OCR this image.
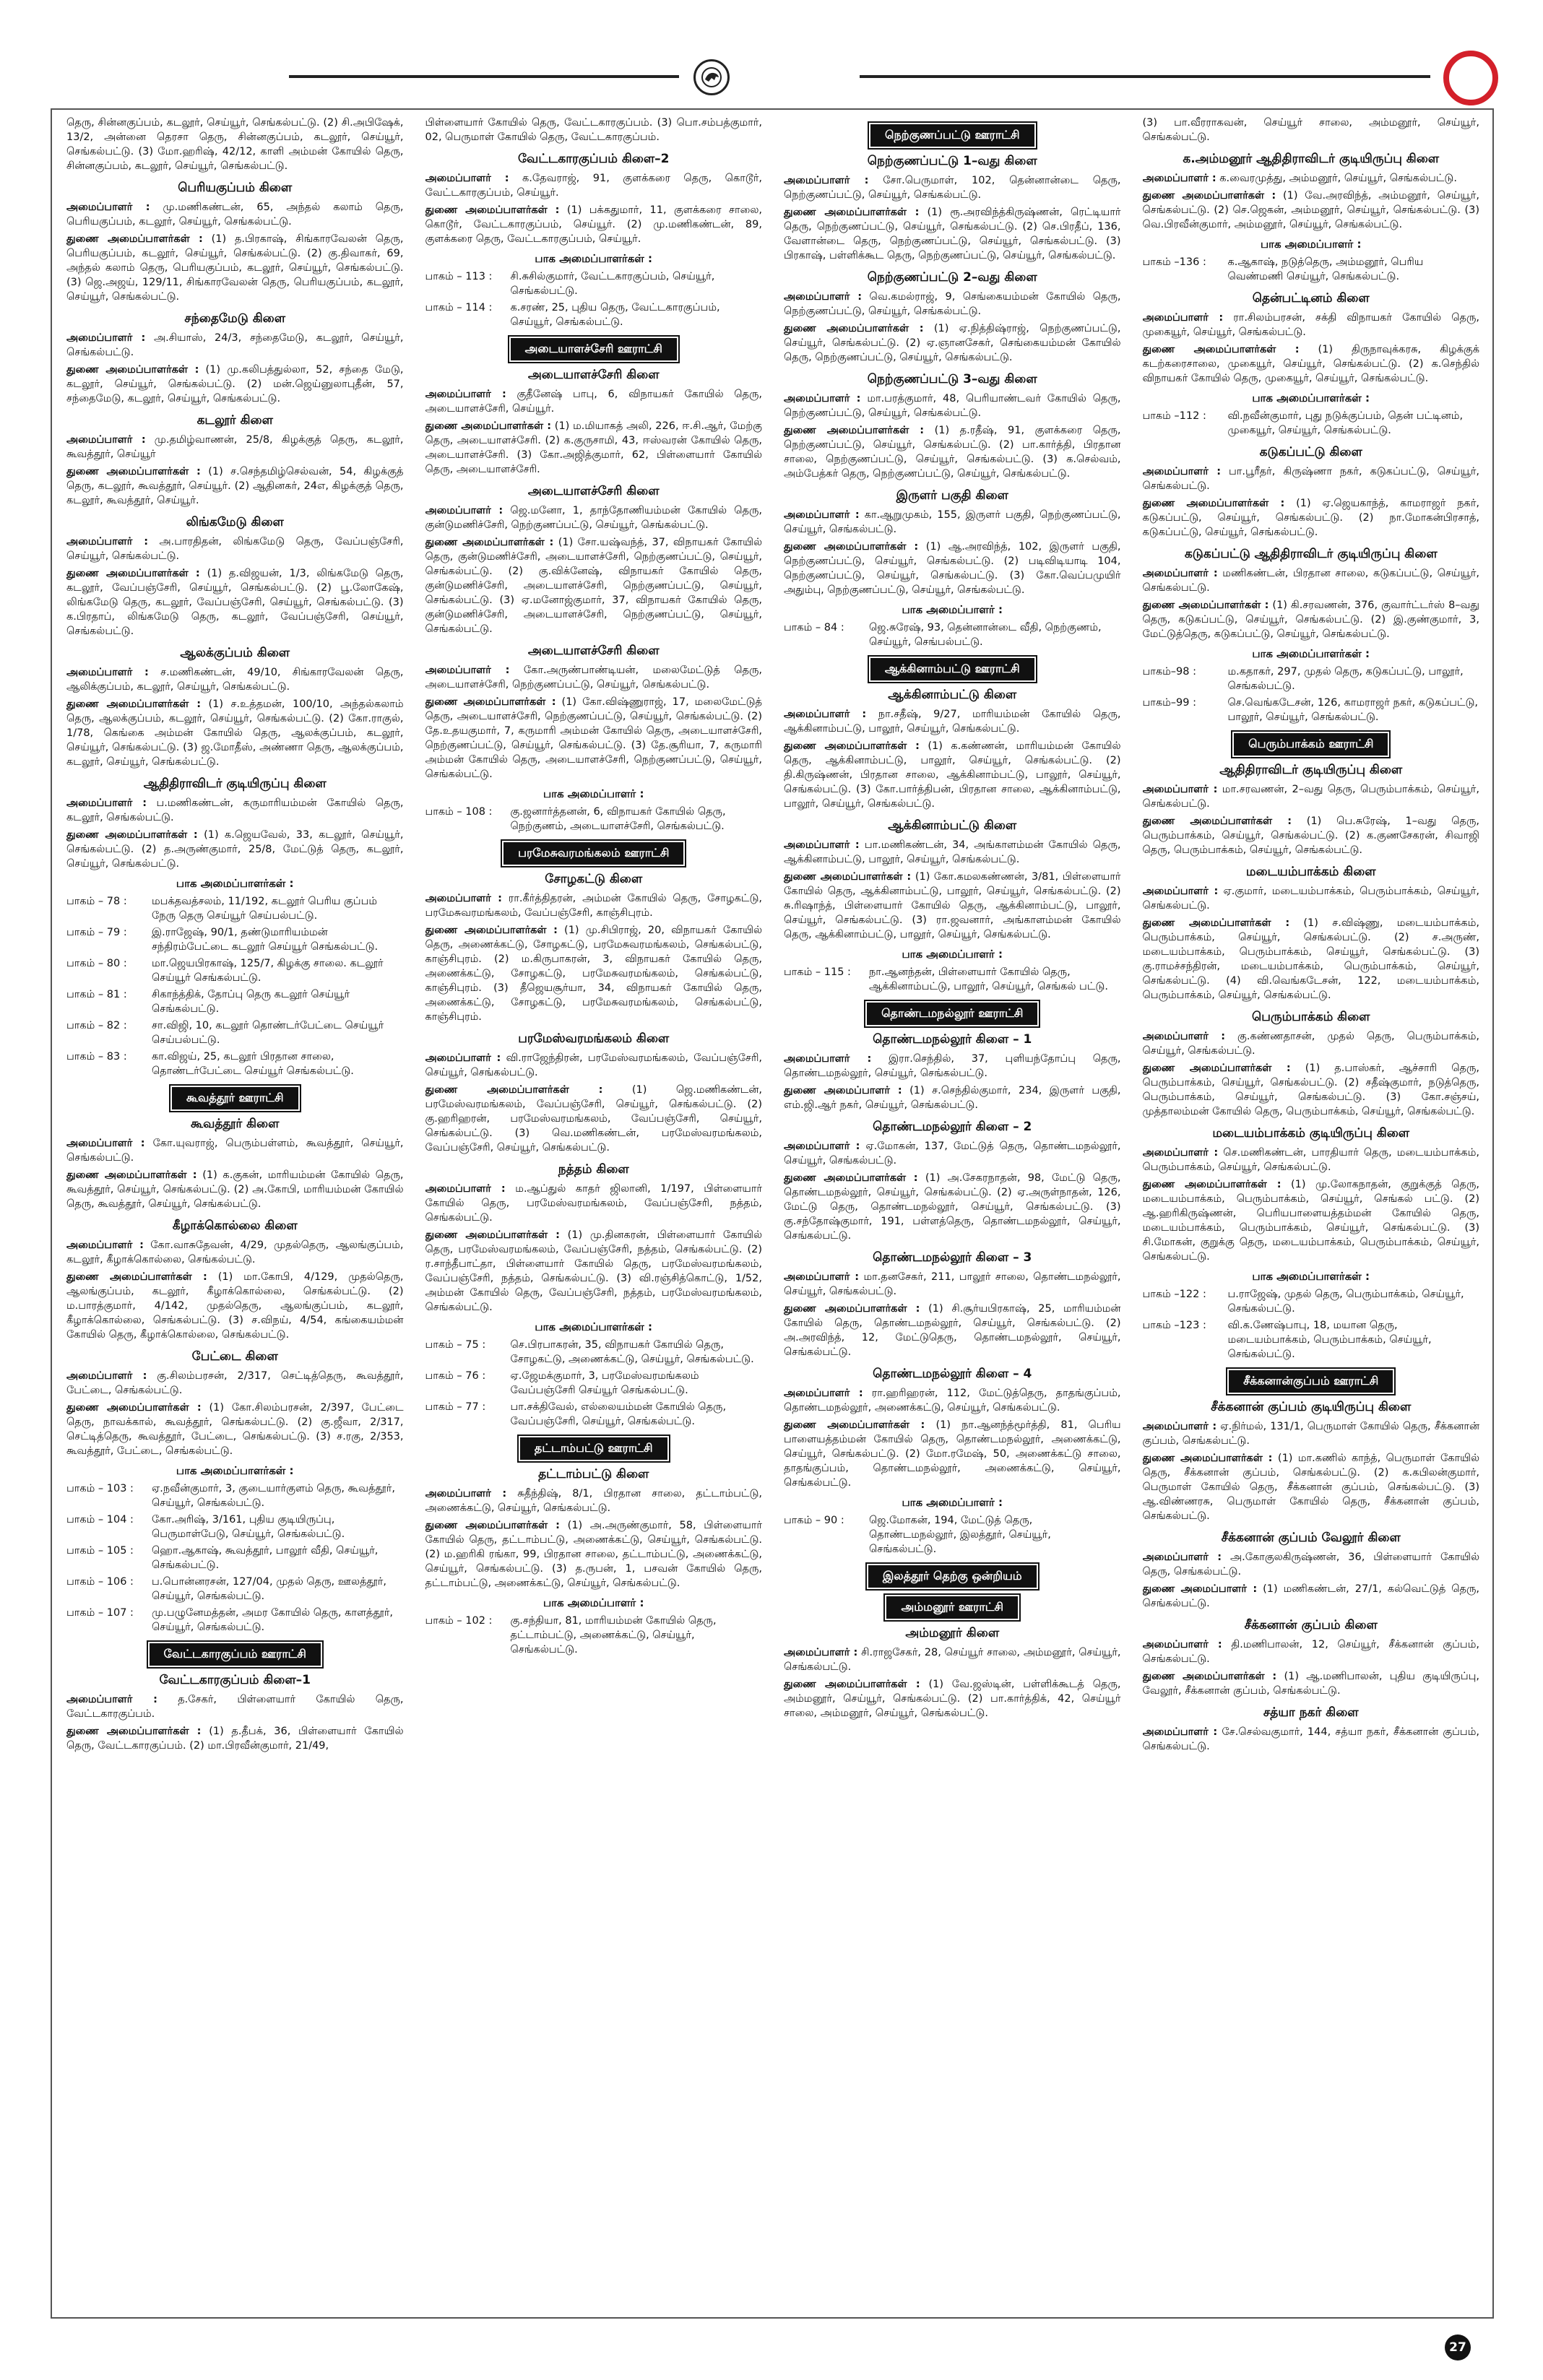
தெரு, சின்னகுப்பம், கடலூர், செய்யூர், செங்கல்பட்டு. (2) சி.அபிஷேக், 13/2, அன்னை தெரசா தெரு, சின்னகுப்பம், கடலூர், செய்யூர், செங்கல்பட்டு. (3) மோ.ஹரிஷ், 42/12, காளி அம்மன் கோயில் தெரு, சின்னகுப்பம், கடலூர், செய்யூர், செங்கல்பட்டு.

பெரியகுப்பம் கிளை

அமைப்பாளர் : மு.மணிகண்டன், 65, அந்தல் கலாம் தெரு, பெரியகுப்பம், கடலூர், செய்யூர், செங்கல்பட்டு.

துணை அமைப்பாளர்கள் : (1) த.பிரகாஷ், சிங்காரவேலன் தெரு, பெரியகுப்பம், கடலூர், செய்யூர், செங்கல்பட்டு. (2) கு.திவாகர், 69, அந்தல் கலாம் தெரு, பெரியகுப்பம், கடலூர், செய்யூர், செங்கல்பட்டு. (3) ஜெ.அஜய், 129/11, சிங்காரவேலன் தெரு, பெரியகுப்பம், கடலூர், செய்யூர், செங்கல்பட்டு.

சந்தைமேடு கிளை

அமைப்பாளர் : அ.சியாஸ், 24/3, சந்தைமேடு, கடலூர், செய்யூர், செங்கல்பட்டு.

துணை அமைப்பாளர்கள் : (1) மு.கலிபத்துல்லா, 52, சந்தை மேடு, கடலூர், செய்யூர், செங்கல்பட்டு. (2) மன்.ஜெய்னுலாபுதீன், 57, சந்தைமேடு, கடலூர், செய்யூர், செங்கல்பட்டு.

கடலூர் கிளை

அமைப்பாளர் : மு.தமிழ்வாணன், 25/8, கிழக்குத் தெரு, கடலூர், கூவத்தூர், செய்யூர்

துணை அமைப்பாளர்கள் : (1) ச.செந்தமிழ்செல்வன், 54, கிழக்குத் தெரு, கடலூர், கூவத்தூர், செய்யூர். (2) ஆதினகர், 24எ, கிழக்குத் தெரு, கடலூர், கூவத்தூர், செய்யூர்.

லிங்கமேடு கிளை

அமைப்பாளர் : அ.பாரதிதன், லிங்கமேடு தெரு, வேப்பஞ்சேரி, செய்யூர், செங்கல்பட்டு.

துணை அமைப்பாளர்கள் : (1) த.விஜயன், 1/3, லிங்கமேடு தெரு, கடலூர், வேப்பஞ்சேரி, செய்யூர், செங்கல்பட்டு. (2) பூ.லோகேஷ், லிங்கமேடு தெரு, கடலூர், வேப்பஞ்சேரி, செய்யூர், செங்கல்பட்டு. (3) க.பிரதாப், லிங்கமேடு தெரு, கடலூர், வேப்பஞ்சேரி, செய்யூர், செங்கல்பட்டு.

ஆலக்குப்பம் கிளை

அமைப்பாளர் : ச.மணிகண்டன், 49/10, சிங்காரவேலன் தெரு, ஆலிக்குப்பம், கடலூர், செய்யூர், செங்கல்பட்டு.

துணை அமைப்பாளர்கள் : (1) ச.உத்தமன், 100/10, அந்தல்கலாம் தெரு, ஆலக்குப்பம், கடலூர், செய்யூர், செங்கல்பட்டு. (2) கோ.ராகுல், 1/78, கெங்கை அம்மன் கோயில் தெரு, ஆலக்குப்பம், கடலூர், செய்யூர், செங்கல்பட்டு. (3) ஜ.மோதீஸ், அண்ணா தெரு, ஆலக்குப்பம், கடலூர், செய்யூர், செங்கல்பட்டு.

ஆதிதிராவிடர் குடியிருப்பு கிளை

அமைப்பாளர் : ப.மணிகண்டன், கருமாரியம்மன் கோயில் தெரு, கடலூர், செங்கல்பட்டு.

துணை அமைப்பாளர்கள் : (1) க.ஜெயவேல், 33, கடலூர், செய்யூர், செங்கல்பட்டு. (2) த.அருண்குமார், 25/8, மேட்டுத் தெரு, கடலூர், செய்யூர், செங்கல்பட்டு.

பாக அமைப்பாளர்கள் :
பாகம் – 78 :	மபக்தவத்சலம், 11/192, கடலூர் பெரிய குப்பம் நேரு தெரு செய்யூர் செய்பல்பட்டு.
பாகம் – 79 :	இ.ராஜேஷ், 90/1, தண்டுமாரியம்மன் சந்திரம்பேட்டை கடலூர் செய்யூர் செங்கல்பட்டு.
பாகம் – 80 :	மா.ஜெயபிரகாஷ், 125/7, கிழக்கு சாலை. கடலூர் செய்யூர் செங்கல்பட்டு.
பாகம் – 81 :	சிகாந்த்திக், தோப்பு தெரு கடலூர் செய்யூர் செங்கல்பட்டு.
பாகம் – 82 :	சா.விஜி, 10, கடலூர் தொண்டர்பேட்டை செய்யூர் செய்பல்பட்டு.
பாகம் – 83 :	கா.விஜய், 25, கடலூர் பிரதான சாலை, தொண்டர்பேட்டை செய்யூர் செங்கல்பட்டு.
கூவத்தூர் ஊராட்சி
கூவத்தூர் கிளை

அமைப்பாளர் : கோ.யுவராஜ், பெரும்பள்ளம், கூவத்தூர், செய்யூர், செங்கல்பட்டு.

துணை அமைப்பாளர்கள் : (1) க.குகன், மாரியம்மன் கோயில் தெரு, கூவத்தூர், செய்யூர், செங்கல்பட்டு. (2) அ.கோபி, மாரியம்மன் கோயில் தெரு, கூவத்தூர், செய்யூர், செங்கல்பட்டு.

கீழாக்கொல்லை கிளை

அமைப்பாளர் : கோ.வாசுதேவன், 4/29, முதல்தெரு, ஆலங்குப்பம், கடலூர், கீழாக்கொல்லை, செங்கல்பட்டு.

துணை அமைப்பாளர்கள் : (1) மா.கோபி, 4/129, முதல்தெரு, ஆலங்குப்பம், கடலூர், கீழாக்கொல்லை, செங்கல்பட்டு. (2) ம.பாரத்குமார், 4/142, முதல்தெரு, ஆலங்குப்பம், கடலூர், கீழாக்கொல்லை, செங்கல்பட்டு. (3) ச.விநய், 4/54, கங்கையம்மன் கோயில் தெரு, கீழாக்கொல்லை, செங்கல்பட்டு.

பேட்டை கிளை

அமைப்பாளர் : கு.சிலம்பரசன், 2/317, செட்டித்தெரு, கூவத்தூர், பேட்டை, செங்கல்பட்டு.

துணை அமைப்பாளர்கள் : (1) கோ.சிலம்பரசன், 2/397, பேட்டை தெரு, நாவக்கால், கூவத்தூர், செங்கல்பட்டு. (2) கு.ஜீவா, 2/317, செட்டித்தெரு, கூவத்தூர், பேட்டை, செங்கல்பட்டு. (3) ச.ரகு, 2/353, கூவத்தூர், பேட்டை, செங்கல்பட்டு.

பாக அமைப்பாளர்கள் :
பாகம் – 103 :	ஏ.நவீன்குமார், 3, குடையார்குளம் தெரு, கூவத்தூர், செய்யூர், செங்கல்பட்டு.
பாகம் – 104 :	கோ.அரிஷ், 3/161, புதிய குடியிருப்பு, பெருமாள்பேடு, செய்யூர், செங்கல்பட்டு.
பாகம் – 105 :	ஹொ.ஆகாஷ், கூவத்தூர், பாலூர் வீதி, செய்யூர், செங்கல்பட்டு.
பாகம் – 106 :	ப.பொன்னரசன், 127/04, முதல் தெரு, ஊலத்தூர், செய்யூர், செங்கல்பட்டு.
பாகம் – 107 :	மு.பழுனேமத்தன், அமர கோயில் தெரு, காளத்தூர், செய்யூர், செங்கல்பட்டு.
வேட்டகாரகுப்பம் ஊராட்சி
வேட்டகாரகுப்பம் கிளை–1

அமைப்பாளர் : த.சேகர், பிள்ளையார் கோயில் தெரு, வேட்டகாரகுப்பம்.

துணை அமைப்பாளர்கள் : (1) த.தீபக், 36, பிள்ளையார் கோயில் தெரு, வேட்டகாரகுப்பம். (2) மா.பிரவீன்குமார், 21/49,

பிள்ளையார் கோயில் தெரு, வேட்டகாரகுப்பம். (3) பொ.சம்பத்குமார், 02, பெருமாள் கோயில் தெரு, வேட்டகாரகுப்பம்.

வேட்டகாரகுப்பம் கிளை–2

அமைப்பாளர் : க.தேவராஜ், 91, குளக்கரை தெரு, கொடூர், வேட்டகாரகுப்பம், செய்யூர்.

துணை அமைப்பாளர்கள் : (1) பக்கதுமார், 11, குளக்கரை சாலை, கொடூர், வேட்டகாரகுப்பம், செய்யூர். (2) மு.மணிகண்டன், 89, குளக்கரை தெரு, வேட்டகாரகுப்பம், செய்யூர்.

பாக அமைப்பாளர்கள் :
பாகம் – 113 :	சி.சுசில்குமார், வேட்டகாரகுப்பம், செய்யூர், செங்கல்பட்டு.
பாகம் – 114 :	க.சரண், 25, புதிய தெரு, வேட்டகாரகுப்பம், செய்யூர், செங்கல்பட்டு.
அடையாளச்சேரி ஊராட்சி
அடையாளச்சேரி கிளை

அமைப்பாளர் : குதீனேஷ் பாபு, 6, விநாயகர் கோயில் தெரு, அடையாளச்சேரி, செய்யூர்.

துணை அமைப்பாளர்கள் : (1) ம.மியாகத் அலி, 226, ஈ.சி.ஆர், மேற்கு தெரு, அடையாளச்சேரி. (2) க.குருசாமி, 43, ஈஸ்வரன் கோயில் தெரு, அடையாளச்சேரி. (3) கோ.அஜித்குமார், 62, பிள்ளையார் கோயில் தெரு, அடையாளச்சேரி.

அடையாளச்சேரி கிளை

அமைப்பாளர் : ஜெ.மனோ, 1, தாந்தோணியம்மன் கோயில் தெரு, குன்டுமணிச்சேரி, நெற்குணப்பட்டு, செய்யூர், செங்கல்பட்டு.

துணை அமைப்பாளர்கள் : (1) சோ.யஷ்வந்த், 37, விநாயகர் கோயில் தெரு, குன்டுமணிச்சேரி, அடையாளச்சேரி, நெற்குணப்பட்டு, செய்யூர், செங்கல்பட்டு. (2) கு.விக்னேஷ், விநாயகர் கோயில் தெரு, குன்டுமணிச்சேரி, அடையாளச்சேரி, நெற்குணப்பட்டு, செய்யூர், செங்கல்பட்டு. (3) ஏ.மனோஜ்குமார், 37, விநாயகர் கோயில் தெரு, குன்டுமணிச்சேரி, அடையாளச்சேரி, நெற்குணப்பட்டு, செய்யூர், செங்கல்பட்டு.

அடையாளச்சேரி கிளை

அமைப்பாளர் : கோ.அருண்பாண்டியன், மலைமேட்டுத் தெரு, அடையாளச்சேரி, நெற்குணப்பட்டு, செய்யூர், செங்கல்பட்டு.

துணை அமைப்பாளர்கள் : (1) கோ.விஷ்ணுராஜ், 17, மலைமேட்டுத் தெரு, அடையாளச்சேரி, நெற்குணப்பட்டு, செய்யூர், செங்கல்பட்டு. (2) தே.உதயகுமார், 7, கருமாரி அம்மன் கோயில் தெரு, அடையாளச்சேரி, நெற்குணப்பட்டு, செய்யூர், செங்கல்பட்டு. (3) தே.சூரியா, 7, கருமாரி அம்மன் கோயில் தெரு, அடையாளச்சேரி, நெற்குணப்பட்டு, செய்யூர், செங்கல்பட்டு.

பாக அமைப்பாளர் :
பாகம் – 108 :	கு.ஜனார்த்தனன், 6, விநாயகர் கோயில் தெரு, நெற்குணம், அடையாளச்சேரி, செங்கல்பட்டு.
பரமேசுவரமங்கலம் ஊராட்சி
சோழகட்டு கிளை

அமைப்பாளர் : ரா.கீர்த்திதரன், அம்மன் கோயில் தெரு, சோழகட்டு, பரமேசுவரமங்கலம், வேப்பஞ்சேரி, காஞ்சிபுரம்.

துணை அமைப்பாளர்கள் : (1) மு.சிபிராஜ், 20, விநாயகர் கோயில் தெரு, அணைக்கட்டு, சோழகட்டு, பரமேசுவரமங்கலம், செங்கல்பட்டு, காஞ்சிபுரம். (2) ம.கிருபாகரன், 3, விநாயகர் கோயில் தெரு, அணைக்கட்டு, சோழகட்டு, பரமேசுவரமங்கலம், செங்கல்பட்டு, காஞ்சிபுரம். (3) தீஜெயசூர்யா, 34, விநாயகர் கோயில் தெரு, அணைக்கட்டு, சோழகட்டு, பரமேசுவரமங்கலம், செங்கல்பட்டு, காஞ்சிபுரம்.

பரமேஸ்வரமங்கலம் கிளை

அமைப்பாளர் : வி.ராஜேந்திரன், பரமேஸ்வரமங்கலம், வேப்பஞ்சேரி, செய்யூர், செங்கல்பட்டு.

துணை அமைப்பாளர்கள் :	(1) ஜெ.மணிகண்டன், பரமேஸ்வரமங்கலம், வேப்பஞ்சேரி, செய்யூர், செங்கல்பட்டு. (2) கு.ஹரிஹரன், பரமேஸ்வரமங்கலம், வேப்பஞ்சேரி, செய்யூர், செங்கல்பட்டு. (3) வெ.மணிகண்டன், பரமேஸ்வரமங்கலம், வேப்பஞ்சேரி, செய்யூர், செங்கல்பட்டு.

நத்தம் கிளை

அமைப்பாளர் : ம.ஆப்துல் காதர் ஜிலானி, 1/197, பிள்ளையார் கோயில் தெரு, பரமேஸ்வரமங்கலம், வேப்பஞ்சேரி, நத்தம், செங்கல்பட்டு.

துணை அமைப்பாளர்கள் : (1) மு.தினகரன், பிள்ளையார் கோயில் தெரு, பரமேஸ்வரமங்கலம், வேப்பஞ்சேரி, நத்தம், செங்கல்பட்டு. (2) ர.சாந்தீபாட்தா, பிள்ளையார் கோயில் தெரு, பரமேஸ்வரமங்கலம், வேப்பஞ்சேரி, நத்தம், செங்கல்பட்டு. (3) வி.ரஞ்சித்கொட்டு, 1/52, அம்மன் கோயில் தெரு, வேப்பஞ்சேரி, நத்தம், பரமேஸ்வரமங்கலம், செங்கல்பட்டு.

பாக அமைப்பாளர்கள் :
பாகம் – 75 :	செ.பிரபாகரன், 35, விநாயகர் கோயில் தெரு, சோழகட்டு, அணைக்கட்டு, செய்யூர், செங்கல்பட்டு.
பாகம் – 76 :	ஏ.ஜேமக்குமார், 3, பரமேஸ்வரமங்கலம் வேப்பஞ்சேரி செய்யூர் செங்கல்பட்டு.
பாகம் – 77 :	பா.சக்திவேல், எல்லையம்மன் கோயில் தெரு, வேப்பஞ்சேரி, செய்யூர், செங்கல்பட்டு.
தட்டாம்பட்டு ஊராட்சி
தட்டாம்பட்டு கிளை

அமைப்பாளர் : சுதீந்திஷ், 8/1, பிரதான சாலை, தட்டாம்பட்டு, அணைக்கட்டு, செய்யூர், செங்கல்பட்டு.

துணை அமைப்பாளர்கள் : (1) அ.அருண்குமார், 58, பிள்ளையார் கோயில் தெரு, தட்டாம்பட்டு, அணைக்கட்டு, செய்யூர், செங்கல்பட்டு. (2) ம.ஹரிகி ரங்கா, 99, பிரதான சாலை, தட்டாம்பட்டு, அணைக்கட்டு, செய்யூர், செங்கல்பட்டு. (3) த.ருபன், 1, பசவன் கோயில் தெரு, தட்டாம்பட்டு, அணைக்கட்டு, செய்யூர், செங்கல்பட்டு.

பாக அமைப்பாளர் :
பாகம் – 102 :	கு.சந்தியா, 81, மாரியம்மன் கோயில் தெரு, தட்டாம்பட்டு, அணைக்கட்டு, செய்யூர், செங்கல்பட்டு.
நெற்குணப்பட்டு ஊராட்சி
நெற்குணப்பட்டு 1–வது கிளை

அமைப்பாளர் : சோ.பெருமாள், 102, தென்னான்டை தெரு, நெற்குணப்பட்டு, செய்யூர், செங்கல்பட்டு.

துணை அமைப்பாளர்கள் : (1) ரூ.அரவிந்த்கிருஷ்ணன், ரெட்டியார் தெரு, நெற்குணப்பட்டு, செய்யூர், செங்கல்பட்டு. (2) செ.பிரதீப், 136, வேளான்டை தெரு, நெற்குணப்பட்டு, செய்யூர், செங்கல்பட்டு. (3) பிரகாஷ், பள்ளிக்கூட தெரு, நெற்குணப்பட்டு, செய்யூர், செங்கல்பட்டு.

நெற்குணப்பட்டு 2–வது கிளை

அமைப்பாளர் : வெ.கமல்ராஜ், 9, செங்கையம்மன் கோயில் தெரு, நெற்குணப்பட்டு, செய்யூர், செங்கல்பட்டு.

துணை அமைப்பாளர்கள் : (1) ஏ.நித்திஷ்ராஜ், நெற்குணப்பட்டு, செய்யூர், செங்கல்பட்டு. (2) ஏ.ஞானசேகர், செங்கையம்மன் கோயில் தெரு, நெற்குணப்பட்டு, செய்யூர், செங்கல்பட்டு.

நெற்குணப்பட்டு 3–வது கிளை

அமைப்பாளர் : மா.பரத்குமார், 48, பெரியாண்டவர் கோயில் தெரு, நெற்குணப்பட்டு, செய்யூர், செங்கல்பட்டு.

துணை அமைப்பாளர்கள் : (1) த.ரதீஷ், 91, குளக்கரை தெரு, நெற்குணப்பட்டு, செய்யூர், செங்கல்பட்டு. (2) பா.கார்த்தி, பிரதான சாலை, நெற்குணப்பட்டு, செய்யூர், செங்கல்பட்டு. (3) க.செல்வம், அம்பேத்கர் தெரு, நெற்குணப்பட்டு, செய்யூர், செங்கல்பட்டு.

இருளர் பகுதி கிளை

அமைப்பாளர் : கா.ஆறுமுகம், 155, இருளர் பகுதி, நெற்குணப்பட்டு, செய்யூர், செங்கல்பட்டு.

துணை அமைப்பாளர்கள் : (1) ஆ.அரவிந்த், 102, இருளர் பகுதி, நெற்குணப்பட்டு, செய்யூர், செங்கல்பட்டு. (2) படிவிடியாடி 104, நெற்குணப்பட்டு, செய்யூர், செங்கல்பட்டு. (3) கோ.வெப்பமுயிர் அதும்பு, நெற்குணப்பட்டு, செய்யூர், செங்கல்பட்டு.

பாக அமைப்பாளர் :
பாகம் – 84 :	ஜெ.சுரேஷ், 93, தென்னான்டை வீதி, நெற்குணம், செய்யூர், செங்பல்பட்டு.
ஆக்கினாம்பட்டு ஊராட்சி
ஆக்கினாம்பட்டு கிளை

அமைப்பாளர் : நா.சதீஷ், 9/27, மாரியம்மன் கோயில் தெரு, ஆக்கினாம்பட்டு, பாலூர், செய்யூர், செங்கல்பட்டு.

துணை அமைப்பாளர்கள் : (1) க.கண்ணன், மாரியம்மன் கோயில் தெரு, ஆக்கினாம்பட்டு, பாலூர், செய்யூர், செங்கல்பட்டு. (2) தி.கிருஷ்ணன், பிரதான சாலை, ஆக்கினாம்பட்டு, பாலூர், செய்யூர், செங்கல்பட்டு. (3) கோ.பார்த்திபன், பிரதான சாலை, ஆக்கினாம்பட்டு, பாலூர், செய்யூர், செங்கல்பட்டு.

ஆக்கினாம்பட்டு கிளை

அமைப்பாளர் : பா.மணிகண்டன், 34, அங்காளம்மன் கோயில் தெரு, ஆக்கினாம்பட்டு, பாலூர், செய்யூர், செங்கல்பட்டு.

துணை அமைப்பாளர்கள் : (1) கோ.கமலகண்ணன், 3/81, பிள்ளையார் கோயில் தெரு, ஆக்கினாம்பட்டு, பாலூர், செய்யூர், செங்கல்பட்டு. (2) சு.ரிஷாந்த், பிள்ளையார் கோயில் தெரு, ஆக்கினாம்பட்டு, பாலூர், செய்யூர், செங்கல்பட்டு. (3) ரா.ஜவனார், அங்காளம்மன் கோயில் தெரு, ஆக்கினாம்பட்டு, பாலூர், செய்யூர், செங்கல்பட்டு.

பாக அமைப்பாளர் :
பாகம் – 115 :	நா.ஆனந்தன், பிள்ளையார் கோயில் தெரு, ஆக்கினாம்பட்டு, பாலூர், செய்யூர், செங்கல் பட்டு.
தொண்டமநல்லூர் ஊராட்சி
தொண்டமநல்லூர் கிளை – 1

அமைப்பாளர் : இரா.செந்தில், 37, புளியந்தோப்பு தெரு, தொண்டமநல்லூர், செய்யூர், செங்கல்பட்டு.

துணை அமைப்பாளர் : (1) ச.செந்தில்குமார், 234, இருளர் பகுதி, எம்.ஜி.ஆர் நகர், செய்யூர், செங்கல்பட்டு.

தொண்டமநல்லூர் கிளை – 2

அமைப்பாளர் : ஏ.மோகன், 137, மேட்டுத் தெரு, தொண்டமநல்லூர், செய்யூர், செங்கல்பட்டு.

துணை அமைப்பாளர்கள் : (1) அ.சேகரநாதன், 98, மேட்டு தெரு, தொண்டமநல்லூர், செய்யூர், செங்கல்பட்டு. (2) ஏ.அருள்நாதன், 126, மேட்டு தெரு, தொண்டமநல்லூர், செய்யூர், செங்கல்பட்டு. (3) கு.சந்தோஷ்குமார், 191, பள்ளத்தெரு, தொண்டமநல்லூர், செய்யூர், செங்கல்பட்டு.

தொண்டமநல்லூர் கிளை – 3

அமைப்பாளர் : மா.தனசேகர், 211, பாலூர் சாலை, தொண்டமநல்லூர், செய்யூர், செங்கல்பட்டு.

துணை அமைப்பாளர்கள் : (1) சி.சூர்யபிரகாஷ், 25, மாரியம்மன் கோயில் தெரு, தொண்டமநல்லூர், செய்யூர், செங்கல்பட்டு. (2) அ.அரவிந்த், 12, மேட்டுதெரு, தொண்டமநல்லூர், செய்யூர், செங்கல்பட்டு.

தொண்டமநல்லூர் கிளை – 4

அமைப்பாளர் : ரா.ஹரிஹரன், 112, மேட்டுத்தெரு, தாதங்குப்பம், தொண்டமநல்லூர், அணைக்கட்டு, செய்யூர், செங்கல்பட்டு.

துணை அமைப்பாளர்கள் : (1) நா.ஆனந்த்மூர்த்தி, 81, பெரிய பாளையத்தம்மன் கோயில் தெரு, தொண்டமநல்லூர், அணைக்கட்டு, செய்யூர், செங்கல்பட்டு. (2) மோ.ரமேஷ், 50, அணைக்கட்டு சாலை, தாதங்குப்பம், தொண்டமநல்லூர், அணைக்கட்டு, செய்யூர், செங்கல்பட்டு.

பாக அமைப்பாளர் :
பாகம் – 90 :	ஜெ.மோகன், 194, மேட்டுத் தெரு, தொண்டமநல்லூர், இலத்தூர், செய்யூர், செங்கல்பட்டு.
இலத்தூர் தெற்கு ஒன்றியம்
அம்மனூர் ஊராட்சி
அம்மனூர் கிளை

அமைப்பாளர் : சி.ராஜசேகர், 28, செய்யூர் சாலை, அம்மனூர், செய்யூர், செங்கல்பட்டு.

துணை அமைப்பாளர்கள் : (1) வே.ஜஸ்டின், பள்ளிக்கூடத் தெரு, அம்மனூர், செய்யூர், செங்கல்பட்டு. (2) பா.கார்த்திக், 42, செய்யூர் சாலை, அம்மனூர், செய்யூர், செங்கல்பட்டு.

(3) பா.வீரராகவன், செய்யூர் சாலை, அம்மனூர், செய்யூர், செங்கல்பட்டு.

க.அம்மனூர் ஆதிதிராவிடர் குடியிருப்பு கிளை

அமைப்பாளர் : க.வைரமுத்து, அம்மனூர், செய்யூர், செங்கல்பட்டு.

துணை அமைப்பாளர்கள் : (1) வே.அரவிந்த், அம்மனூர், செய்யூர், செங்கல்பட்டு. (2) செ.ஜெகன், அம்மனூர், செய்யூர், செங்கல்பட்டு. (3) வெ.பிரவீன்குமார், அம்மனூர், செய்யூர், செங்கல்பட்டு.

பாக அமைப்பாளர் :
பாகம் –136 :	க.ஆகாஷ், நடுத்தெரு, அம்மனூர், பெரிய வெண்மணி செய்யூர், செங்கல்பட்டு.
தென்பட்டினம் கிளை

அமைப்பாளர் : ரா.சிலம்பரசன், சக்தி விநாயகர் கோயில் தெரு, முகையூர், செய்யூர், செங்கல்பட்டு.

துணை அமைப்பாளர்கள் : (1) திருநாவுக்கரசு, கிழக்குக் கடற்கரைசாலை, முகையூர், செய்யூர், செங்கல்பட்டு. (2) க.செந்தில் விநாயகர் கோயில் தெரு, முகையூர், செய்யூர், செங்கல்பட்டு.

பாக அமைப்பாளர்கள் :
பாகம் –112 :	வி.நவீன்குமார், புது நடுக்குப்பம், தென் பட்டினம், முகையூர், செய்யூர், செங்கல்பட்டு.
கடுகப்பட்டு கிளை

அமைப்பாளர் : பா.பூரீதர், கிருஷ்ணா நகர், கடுகப்பட்டு, செய்யூர், செங்கல்பட்டு.

துணை அமைப்பாளர்கள் : (1) ஏ.ஜெயகாந்த், காமராஜர் நகர், கடுகப்பட்டு, செய்யூர், செங்கல்பட்டு. (2) நா.மோகன்பிரசாத், கடுகப்பட்டு, செய்யூர், செங்கல்பட்டு.

கடுகப்பட்டு ஆதிதிராவிடர் குடியிருப்பு கிளை

அமைப்பாளர் : மணிகண்டன், பிரதான சாலை, கடுகப்பட்டு, செய்யூர், செங்கல்பட்டு.

துணை அமைப்பாளர்கள் : (1) கி.சரவணன், 376, குவார்ட்டர்ஸ் 8–வது தெரு, கடுகப்பட்டு, செய்யூர், செங்கல்பட்டு. (2) இ.குண்குமார், 3, மேட்டுத்தெரு, கடுகப்பட்டு, செய்யூர், செங்கல்பட்டு.

பாக அமைப்பாளர்கள் :
பாகம்–98 :	ம.கதாகர், 297, முதல் தெரு, கடுகப்பட்டு, பாலூர், செங்கல்பட்டு.
பாகம்–99 :	செ.வெங்கடேசன், 126, காமராஜர் நகர், கடுகப்பட்டு, பாலூர், செய்யூர், செங்கல்பட்டு.
பெரும்பாக்கம் ஊராட்சி
ஆதிதிராவிடர் குடியிருப்பு கிளை

அமைப்பாளர் : மா.சரவணன், 2–வது தெரு, பெரும்பாக்கம், செய்யூர், செங்கல்பட்டு.

துணை அமைப்பாளர்கள் : (1) பெ.சுரேஷ், 1–வது தெரு, பெரும்பாக்கம், செய்யூர், செங்கல்பட்டு. (2) க.குணசேகரன், சிவாஜி தெரு, பெரும்பாக்கம், செய்யூர், செங்கல்பட்டு.

மடையம்பாக்கம் கிளை

அமைப்பாளர் : ஏ.குமார், மடையம்பாக்கம், பெரும்பாக்கம், செய்யூர், செங்கல்பட்டு.

துணை அமைப்பாளர்கள் : (1) ச.விஷ்ணு, மடையம்பாக்கம், பெரும்பாக்கம், செய்யூர், செங்கல்பட்டு. (2) ச.அருண், மடையம்பாக்கம், பெரும்பாக்கம், செய்யூர், செங்கல்பட்டு. (3) கு.ராமச்சந்திரன், மடையம்பாக்கம், பெரும்பாக்கம், செய்யூர், செங்கல்பட்டு. (4) வி.வெங்கடேசன், 122, மடையம்பாக்கம், பெரும்பாக்கம், செய்யூர், செங்கல்பட்டு.

பெரும்பாக்கம் கிளை

அமைப்பாளர் : கு.கண்ணதாசன், முதல் தெரு, பெரும்பாக்கம், செய்யூர், செங்கல்பட்டு.

துணை அமைப்பாளர்கள் : (1) த.பாஸ்கர், ஆச்சாரி தெரு, பெரும்பாக்கம், செய்யூர், செங்கல்பட்டு. (2) சதீஷ்குமார், நடுத்தெரு, பெரும்பாக்கம், செய்யூர், செங்கல்பட்டு. (3) கோ.சஞ்சய், முத்தாலம்மன் கோயில் தெரு, பெரும்பாக்கம், செய்யூர், செங்கல்பட்டு.

மடையம்பாக்கம் குடியிருப்பு கிளை

அமைப்பாளர் : செ.மணிகண்டன், பாரதியார் தெரு, மடையம்பாக்கம், பெரும்பாக்கம், செய்யூர், செங்கல்பட்டு.

துணை அமைப்பாளர்கள் : (1) மு.லோகநாதன், குறுக்குத் தெரு, மடையம்பாக்கம், பெரும்பாக்கம், செய்யூர், செங்கல் பட்டு. (2) ஆ.ஹரிகிருஷ்ணன், பெரியபாளையத்தம்மன் கோயில் தெரு, மடையம்பாக்கம், பெரும்பாக்கம், செய்யூர், செங்கல்பட்டு. (3) சி.மோகன், குறுக்கு தெரு, மடையம்பாக்கம், பெரும்பாக்கம், செய்யூர், செங்கல்பட்டு.

பாக அமைப்பாளர்கள் :
பாகம் –122 :	ப.ராஜேஷ், முதல் தெரு, பெரும்பாக்கம், செய்யூர், செங்கல்பட்டு.
பாகம் –123 :	வி.க.ணேஷ்பாபு, 18, மயான தெரு, மடையம்பாக்கம், பெரும்பாக்கம், செய்யூர், செங்கல்பட்டு.
சீக்கனான்குப்பம் ஊராட்சி
சீக்கனான் குப்பம் குடியிருப்பு கிளை

அமைப்பாளர் : ஏ.நிர்மல், 131/1, பெருமாள் கோயில் தெரு, சீக்கனான் குப்பம், செங்கல்பட்டு.

துணை அமைப்பாளர்கள் : (1) மா.கணில் காந்த், பெருமாள் கோயில் தெரு, சீக்கனான் குப்பம், செங்கல்பட்டு. (2) க.கபிலன்குமார், பெருமாள் கோயில் தெரு, சீக்கனான் குப்பம், செங்கல்பட்டு. (3) ஆ.விண்ணரசு, பெருமாள் கோயில் தெரு, சீக்கனான் குப்பம், செங்கல்பட்டு.

சீக்கனான் குப்பம் வேலூர் கிளை

அமைப்பாளர் : அ.கோகுலகிருஷ்ணன், 36, பிள்ளையார் கோயில் தெரு, செங்கல்பட்டு.

துணை அமைப்பாளர் : (1) மணிகண்டன், 27/1, கல்வெட்டுத் தெரு, செங்கல்பட்டு.

சீக்கனான் குப்பம் கிளை

அமைப்பாளர் : தி.மணிபாலன், 12, செய்யூர், சீக்கனான் குப்பம், செங்கல்பட்டு.

துணை அமைப்பாளர்கள் : (1) ஆ.மணிபாலன், புதிய குடியிருப்பு, வேலூர், சீக்கனான் குப்பம், செங்கல்பட்டு.

சத்யா நகர் கிளை

அமைப்பாளர் : சே.செல்வகுமார், 144, சத்யா நகர், சீக்கனான் குப்பம், செங்கல்பட்டு.

27
